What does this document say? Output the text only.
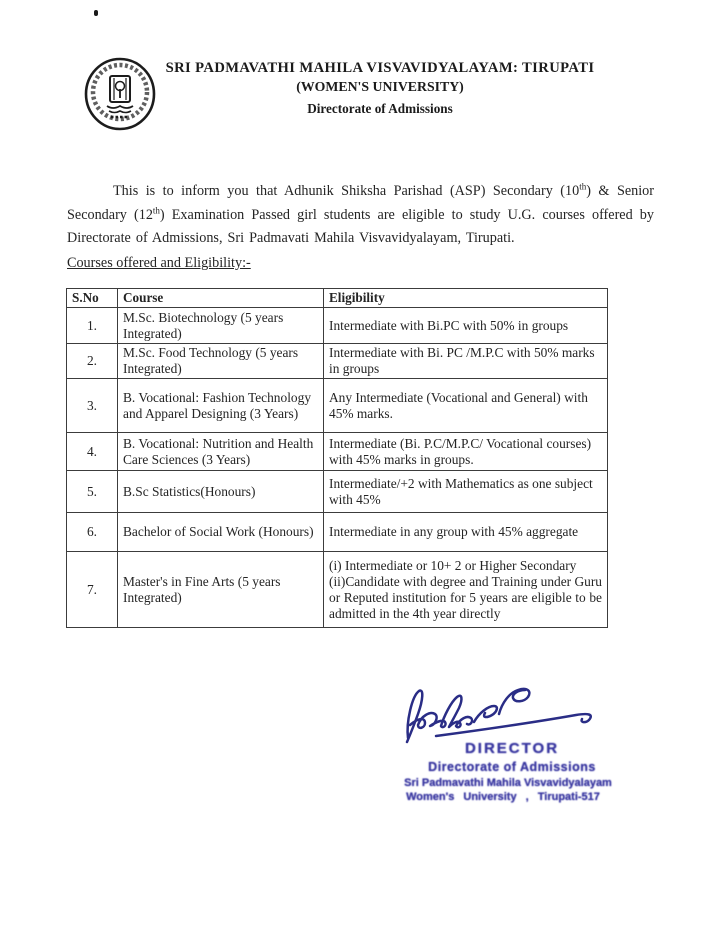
SRI PADMAVATHI MAHILA VISVAVIDYALAYAM: TIRUPATI
(WOMEN'S UNIVERSITY)
Directorate of Admissions

This is to inform you that Adhunik Shiksha Parishad (ASP) Secondary (10th) & Senior Secondary (12th) Examination Passed girl students are eligible to study U.G. courses offered by Directorate of Admissions, Sri Padmavati Mahila Visvavidyalayam, Tirupati.

Courses offered and Eligibility:-
S.No	Course	Eligibility
1.	M.Sc. Biotechnology (5 years Integrated)	Intermediate with Bi.PC with 50% in groups
2.	M.Sc. Food Technology (5 years Integrated)	Intermediate with Bi. PC /M.P.C with 50% marks in groups
3.	B. Vocational: Fashion Technology and Apparel Designing (3 Years)	Any Intermediate (Vocational and General) with 45% marks.
4.	B. Vocational: Nutrition and Health Care Sciences (3 Years)	Intermediate (Bi. P.C/M.P.C/ Vocational courses) with 45% marks in groups.
5.	B.Sc Statistics(Honours)	Intermediate/+2 with Mathematics as one subject with 45%
6.	Bachelor of Social Work (Honours)	Intermediate in any group with 45% aggregate
7.	Master's in Fine Arts (5 years Integrated)	(i) Intermediate or 10+ 2 or Higher Secondary
(ii)Candidate with degree and Training under Guru or Reputed institution for 5 years are eligible to be admitted in the 4th year directly
DIRECTOR
Directorate of Admissions
Sri Padmavathi Mahila Visvavidyalayam
Women's University , Tirupati-517
